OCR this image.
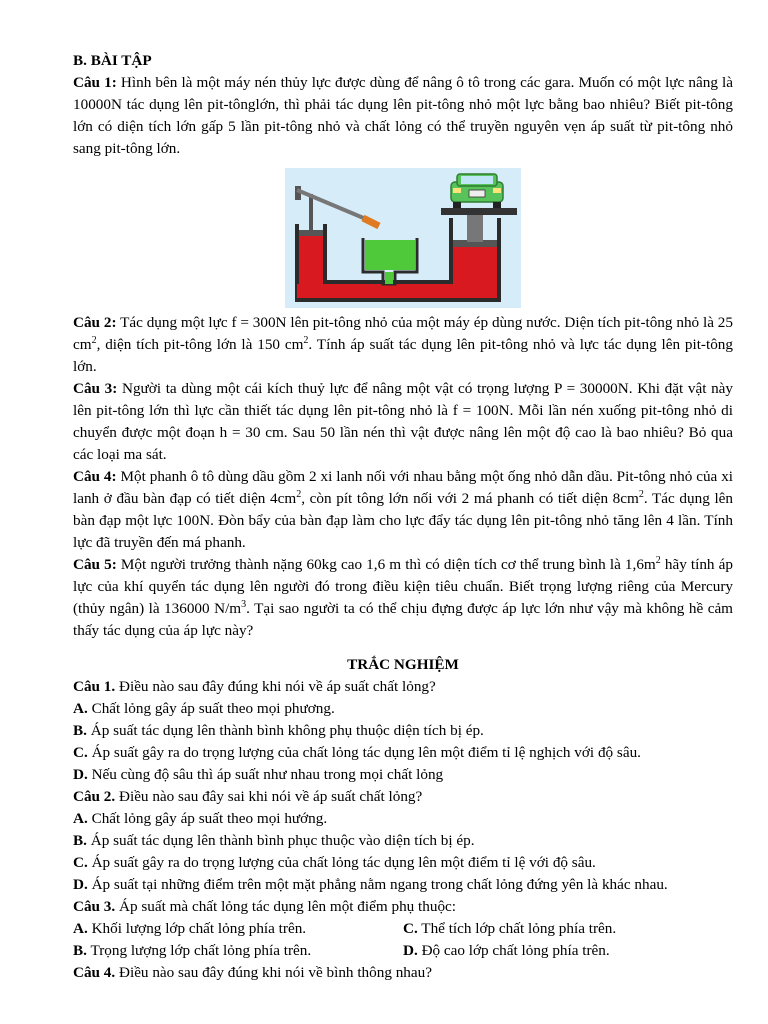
B. BÀI TẬP

Câu 1: Hình bên là một máy nén thủy lực được dùng để nâng ô tô trong các gara. Muốn có một lực nâng là 10000N tác dụng lên pit-tônglớn, thì phải tác dụng lên pit-tông nhỏ một lực bằng bao nhiêu? Biết pit-tông lớn có diện tích lớn gấp 5 lần pit-tông nhỏ và chất lỏng có thể truyền nguyên vẹn áp suất từ pit-tông nhỏ sang pit-tông lớn.

Câu 2: Tác dụng một lực f = 300N lên pit-tông nhỏ của một máy ép dùng nước. Diện tích pit-tông nhỏ là 25 $cm^2$, diện tích pit-tông lớn là 150 $cm^2$. Tính áp suất tác dụng lên pit-tông nhỏ và lực tác dụng lên pit-tông lớn.

Câu 3: Người ta dùng một cái kích thuỷ lực để nâng một vật có trọng lượng P = 30000N. Khi đặt vật này lên pit-tông lớn thì lực cần thiết tác dụng lên pit-tông nhỏ là f = 100N. Mỗi lần nén xuống pit-tông nhỏ di chuyển được một đoạn h = 30 cm. Sau 50 lần nén thì vật được nâng lên một độ cao là bao nhiêu? Bỏ qua các loại ma sát.

Câu 4: Một phanh ô tô dùng dầu gồm 2 xi lanh nối với nhau bằng một ống nhỏ dẫn dầu. Pit-tông nhỏ của xi lanh ở đầu bàn đạp có tiết diện $4cm^2$, còn pít tông lớn nối với 2 má phanh có tiết diện $8cm^2$. Tác dụng lên bàn đạp một lực 100N. Đòn bẩy của bàn đạp làm cho lực đẩy tác dụng lên pit-tông nhỏ tăng lên 4 lần. Tính lực đã truyền đến má phanh.

Câu 5: Một người trưởng thành nặng 60kg cao 1,6 m thì có diện tích cơ thể trung bình là $1,6m^2$ hãy tính áp lực của khí quyển tác dụng lên người đó trong điều kiện tiêu chuẩn. Biết trọng lượng riêng của Mercury (thủy ngân) là 136000 $N/m^3$. Tại sao người ta có thể chịu đựng được áp lực lớn như vậy mà không hề cảm thấy tác dụng của áp lực này?

TRẮC NGHIỆM

Câu 1. Điều nào sau đây đúng khi nói về áp suất chất lỏng?

A. Chất lỏng gây áp suất theo mọi phương.

B. Áp suất tác dụng lên thành bình không phụ thuộc diện tích bị ép.

C. Áp suất gây ra do trọng lượng của chất lỏng tác dụng lên một điểm tỉ lệ nghịch với độ sâu.

D. Nếu cùng độ sâu thì áp suất như nhau trong mọi chất lỏng

Câu 2. Điều nào sau đây sai khi nói về áp suất chất lỏng?

A. Chất lỏng gây áp suất theo mọi hướng.

B. Áp suất tác dụng lên thành bình phục thuộc vào diện tích bị ép.

C. Áp suất gây ra do trọng lượng của chất lỏng tác dụng lên một điểm tỉ lệ với độ sâu.

D. Áp suất tại những điểm trên một mặt phẳng nằm ngang trong chất lỏng đứng yên là khác nhau.

Câu 3. Áp suất mà chất lỏng tác dụng lên một điểm phụ thuộc:

A. Khối lượng lớp chất lỏng phía trên.	C. Thể tích lớp chất lỏng phía trên.
B. Trọng lượng lớp chất lỏng phía trên.	D. Độ cao lớp chất lỏng phía trên.

Câu 4. Điều nào sau đây đúng khi nói về bình thông nhau?
